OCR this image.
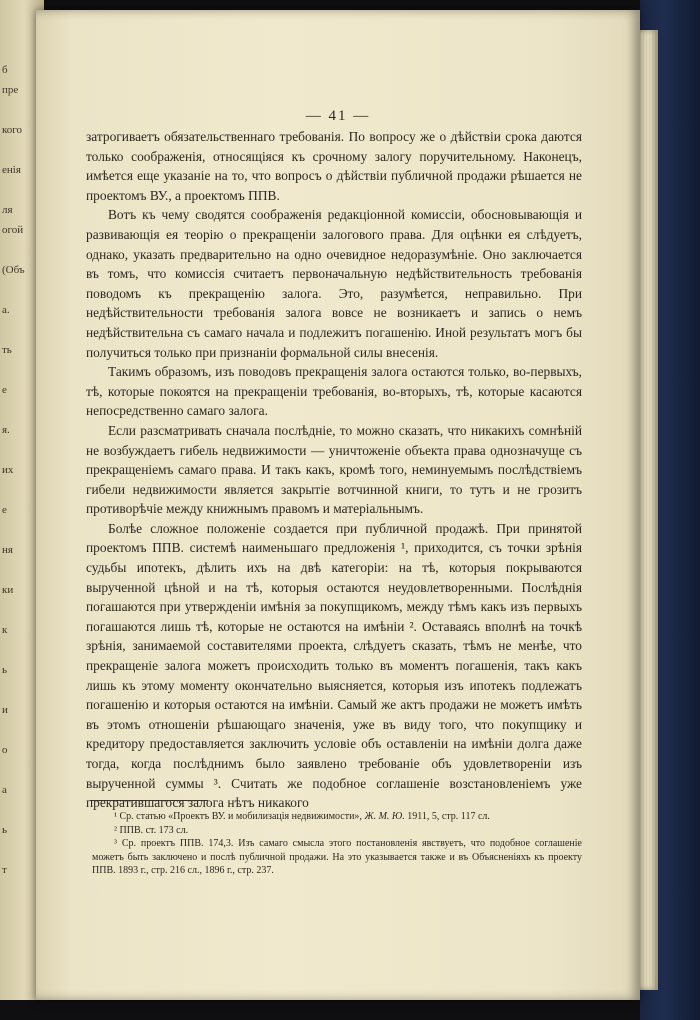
б
пре

кого

енія

ля
огой

(Объ

а.

ть

е

я.

их

е

ня

ки

к

ь

и

о

а

ь

т
— 41 —

затрогиваетъ обязательственнаго требованія. По вопросу же о дѣйствіи срока даются только соображенія, относящіяся къ срочному залогу поручительному. Наконецъ, имѣется еще указаніе на то, что вопросъ о дѣйствіи публичной продажи рѣшается не проектомъ ВУ., а проектомъ ППВ.

Вотъ къ чему сводятся соображенія редакціонной комиссіи, обосновывающія и развивающія ея теорію о прекращеніи залогового права. Для оцѣнки ея слѣдуетъ, однако, указать предварительно на одно очевидное недоразумѣніе. Оно заключается въ томъ, что комиссія считаетъ первоначальную недѣйствительность требованія поводомъ къ прекращенію залога. Это, разумѣется, неправильно. При недѣйствительности требованія залога вовсе не возникаетъ и запись о немъ недѣйствительна съ самаго начала и подлежитъ погашенію. Иной результатъ могъ бы получиться только при признаніи формальной силы внесенія.

Такимъ образомъ, изъ поводовъ прекращенія залога остаются только, во-первыхъ, тѣ, которые покоятся на прекращеніи требованія, во-вторыхъ, тѣ, которые касаются непосредственно самаго залога.

Если разсматривать сначала послѣдніе, то можно сказать, что никакихъ сомнѣній не возбуждаетъ гибель недвижимости — уничтоженіе объекта права однозначуще съ прекращеніемъ самаго права. И такъ какъ, кромѣ того, неминуемымъ послѣдствіемъ гибели недвижимости является закрытіе вотчинной книги, то тутъ и не грозитъ противорѣчіе между книжнымъ правомъ и матеріальнымъ.

Болѣе сложное положеніе создается при публичной продажѣ. При принятой проектомъ ППВ. системѣ наименьшаго предложенія ¹, приходится, съ точки зрѣнія судьбы ипотекъ, дѣлить ихъ на двѣ категоріи: на тѣ, которыя покрываются вырученной цѣной и на тѣ, которыя остаются неудовлетворенными. Послѣднія погашаются при утвержденіи имѣнія за покупщикомъ, между тѣмъ какъ изъ первыхъ погашаются лишь тѣ, которые не остаются на имѣніи ². Оставаясь вполнѣ на точкѣ зрѣнія, занимаемой составителями проекта, слѣдуетъ сказать, тѣмъ не менѣе, что прекращеніе залога можетъ происходить только въ моментъ погашенія, такъ какъ лишь къ этому моменту окончательно выясняется, которыя изъ ипотекъ подлежатъ погашенію и которыя остаются на имѣніи. Самый же актъ продажи не можетъ имѣть въ этомъ отношеніи рѣшающаго значенія, уже въ виду того, что покупщику и кредитору предоставляется заключить условіе объ оставленіи на имѣніи долга даже тогда, когда послѣднимъ было заявлено требованіе объ удовлетвореніи изъ вырученной суммы ³. Считать же подобное соглашеніе возстановленіемъ уже прекратившагося залога нѣтъ никакого

¹ Ср. статью «Проектъ ВУ. и мобилизація недвижимости», Ж. М. Ю. 1911, 5, стр. 117 сл.

² ППВ. ст. 173 сл.

³ Ср. проектъ ППВ. 174,3. Изъ самаго смысла этого постановленія явствуетъ, что подобное соглашеніе можетъ быть заключено и послѣ публичной продажи. На это указывается также и въ Объясненіяхъ къ проекту ППВ. 1893 г., стр. 216 сл., 1896 г., стр. 237.
